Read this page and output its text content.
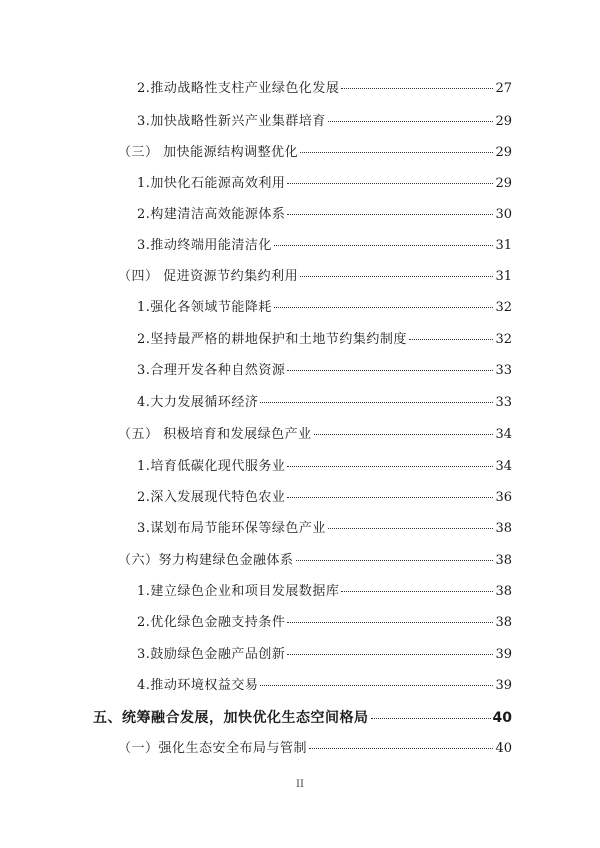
2.推动战略性支柱产业绿色化发展	27
3.加快战略性新兴产业集群培育	29
（三） 加快能源结构调整优化	29
1.加快化石能源高效利用	29
2.构建清洁高效能源体系	30
3.推动终端用能清洁化	31
（四） 促进资源节约集约利用	31
1.强化各领域节能降耗	32
2.坚持最严格的耕地保护和土地节约集约制度	32
3.合理开发各种自然资源	33
4.大力发展循环经济	33
（五） 积极培育和发展绿色产业	34
1.培育低碳化现代服务业	34
2.深入发展现代特色农业	36
3.谋划布局节能环保等绿色产业	38
（六）努力构建绿色金融体系	38
1.建立绿色企业和项目发展数据库	38
2.优化绿色金融支持条件	38
3.鼓励绿色金融产品创新	39
4.推动环境权益交易	39
五、统筹融合发展，加快优化生态空间格局	40
（一）强化生态安全布局与管制	40
II
